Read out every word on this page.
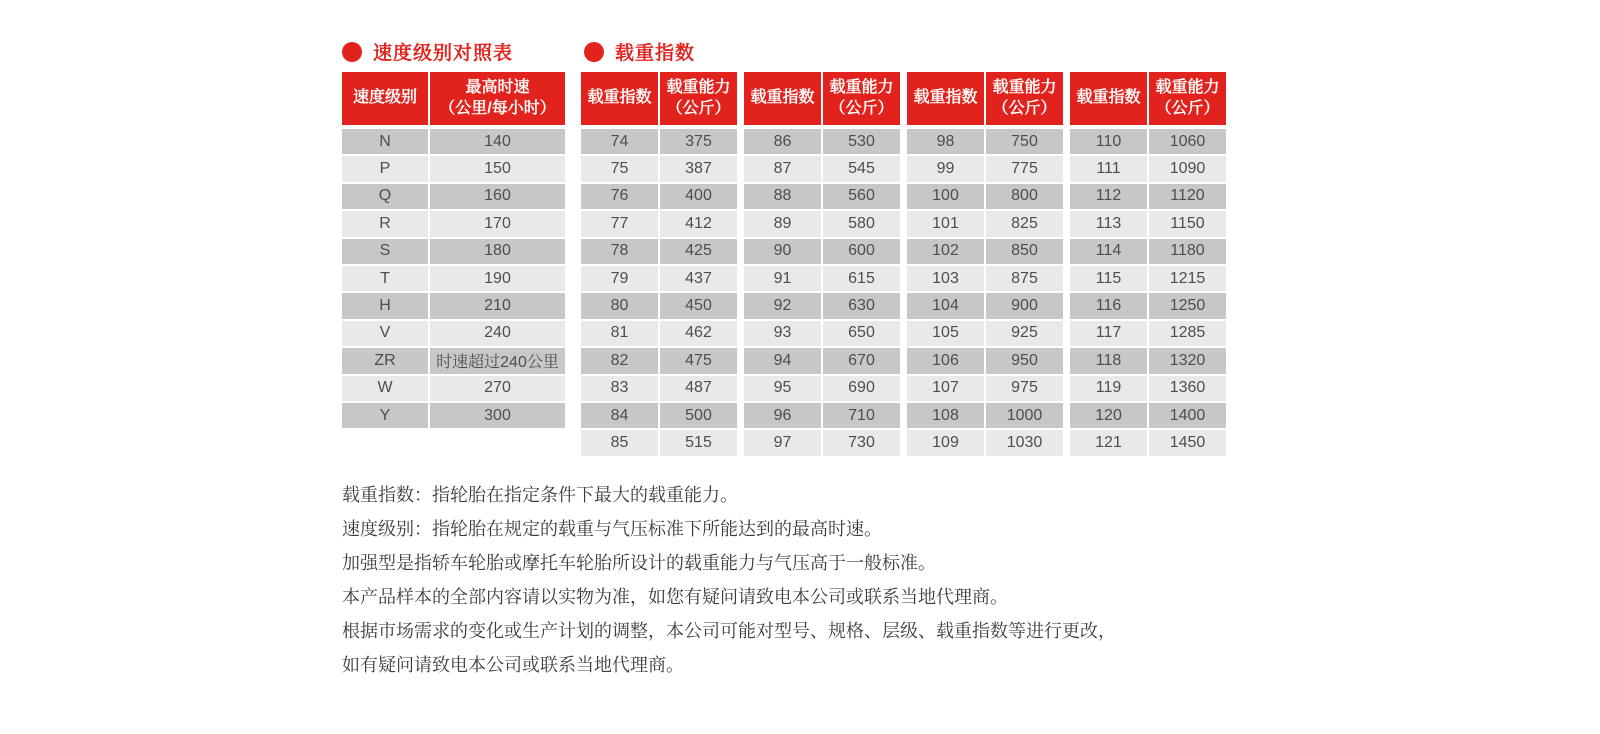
速度级别对照表
速度级别
最高时速
（公里/每小时）
N	140
P	150
Q	160
R	170
S	180
T	190
H	210
V	240
ZR	时速超过240公里
W	270
Y	300
载重指数
载重指数
载重能力
（公斤）
74	375
75	387
76	400
77	412
78	425
79	437
80	450
81	462
82	475
83	487
84	500
85	515
载重指数
载重能力
（公斤）
86	530
87	545
88	560
89	580
90	600
91	615
92	630
93	650
94	670
95	690
96	710
97	730
载重指数
载重能力
（公斤）
98	750
99	775
100	800
101	825
102	850
103	875
104	900
105	925
106	950
107	975
108	1000
109	1030
载重指数
载重能力
（公斤）
110	1060
111	1090
112	1120
113	1150
114	1180
115	1215
116	1250
117	1285
118	1320
119	1360
120	1400
121	1450
载重指数：指轮胎在指定条件下最大的载重能力。
速度级别：指轮胎在规定的载重与气压标准下所能达到的最高时速。
加强型是指轿车轮胎或摩托车轮胎所设计的载重能力与气压高于一般标准。
本产品样本的全部内容请以实物为准，如您有疑问请致电本公司或联系当地代理商。
根据市场需求的变化或生产计划的调整，本公司可能对型号、规格、层级、载重指数等进行更改，
如有疑问请致电本公司或联系当地代理商。
